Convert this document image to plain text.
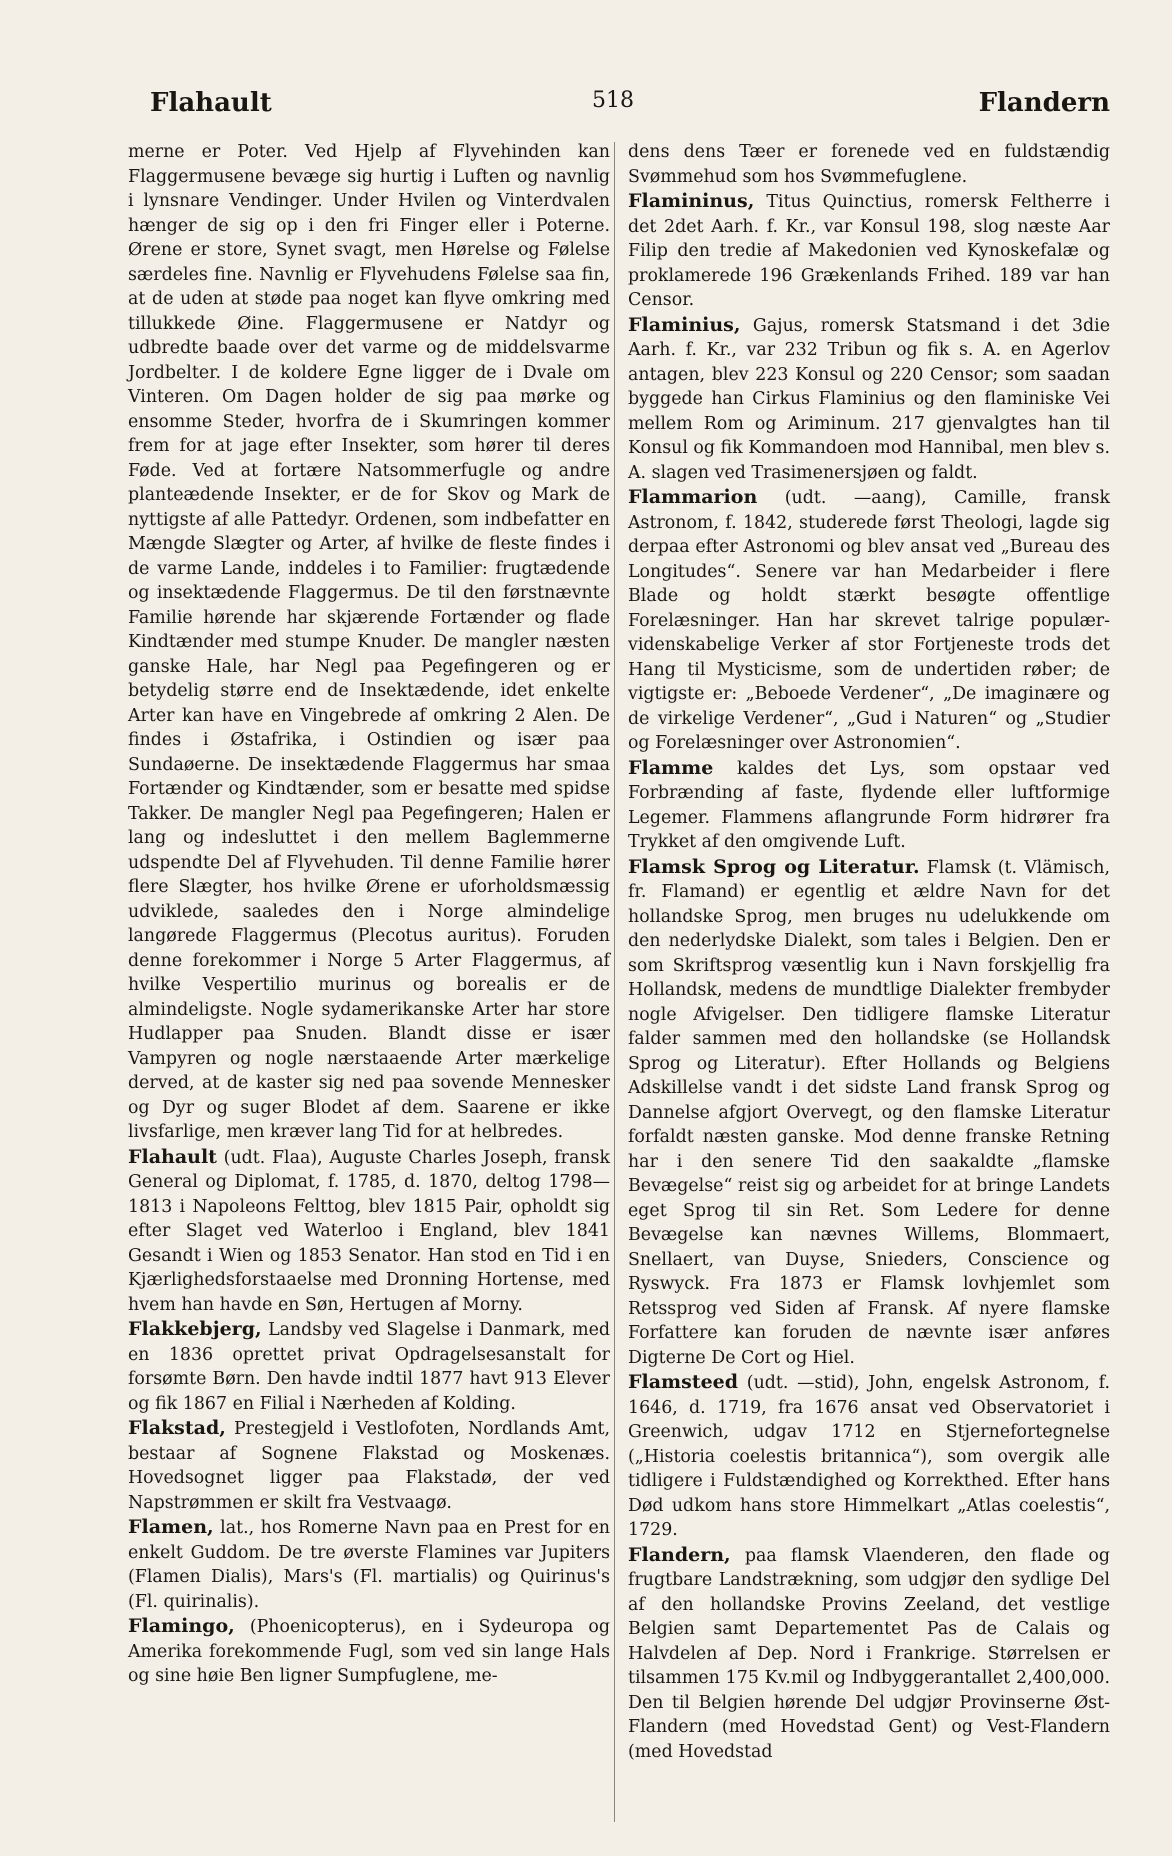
Flahault	518	Flandern

merne er Poter. Ved Hjelp af Flyvehinden kan Flaggermusene bevæge sig hurtig i Luften og navnlig i lynsnare Vendinger. Under Hvilen og Vinterdvalen hænger de sig op i den fri Finger eller i Poterne. Ørene er store, Synet svagt, men Hørelse og Følelse særdeles fine. Navnlig er Flyvehudens Følelse saa fin, at de uden at støde paa noget kan flyve omkring med tillukkede Øine. Flaggermusene er Natdyr og udbredte baade over det varme og de middelsvarme Jordbelter. I de koldere Egne ligger de i Dvale om Vinteren. Om Dagen holder de sig paa mørke og ensomme Steder, hvorfra de i Skumringen kommer frem for at jage efter Insekter, som hører til deres Føde. Ved at fortære Natsommerfugle og andre planteædende Insekter, er de for Skov og Mark de nyttigste af alle Pattedyr. Ordenen, som indbefatter en Mængde Slægter og Arter, af hvilke de fleste findes i de varme Lande, inddeles i to Familier: frugtædende og insektædende Flaggermus. De til den førstnævnte Familie hørende har skjærende Fortænder og flade Kindtænder med stumpe Knuder. De mangler næsten ganske Hale, har Negl paa Pegefingeren og er betydelig større end de Insektædende, idet enkelte Arter kan have en Vingebrede af omkring 2 Alen. De findes i Østafrika, i Ostindien og især paa Sundaøerne. De insektædende Flaggermus har smaa Fortænder og Kindtænder, som er besatte med spidse Takker. De mangler Negl paa Pegefingeren; Halen er lang og indesluttet i den mellem Baglemmerne udspendte Del af Flyvehuden. Til denne Familie hører flere Slægter, hos hvilke Ørene er uforholdsmæssig udviklede, saaledes den i Norge almindelige langørede Flaggermus (Plecotus auritus). Foruden denne forekommer i Norge 5 Arter Flaggermus, af hvilke Vespertilio murinus og borealis er de almindeligste. Nogle sydamerikanske Arter har store Hudlapper paa Snuden. Blandt disse er især Vampyren og nogle nærstaaende Arter mærkelige derved, at de kaster sig ned paa sovende Mennesker og Dyr og suger Blodet af dem. Saarene er ikke livsfarlige, men kræver lang Tid for at helbredes.

Flahault (udt. Flaa), Auguste Charles Joseph, fransk General og Diplomat, f. 1785, d. 1870, deltog 1798—1813 i Napoleons Felttog, blev 1815 Pair, opholdt sig efter Slaget ved Waterloo i England, blev 1841 Gesandt i Wien og 1853 Senator. Han stod en Tid i en Kjærlighedsforstaaelse med Dronning Hortense, med hvem han havde en Søn, Hertugen af Morny.

Flakkebjerg, Landsby ved Slagelse i Danmark, med en 1836 oprettet privat Opdragelsesanstalt for forsømte Børn. Den havde indtil 1877 havt 913 Elever og fik 1867 en Filial i Nærheden af Kolding.

Flakstad, Prestegjeld i Vestlofoten, Nordlands Amt, bestaar af Sognene Flakstad og Moskenæs. Hovedsognet ligger paa Flakstadø, der ved Napstrømmen er skilt fra Vestvaagø.

Flamen, lat., hos Romerne Navn paa en Prest for en enkelt Guddom. De tre øverste Flamines var Jupiters (Flamen Dialis), Mars's (Fl. martialis) og Quirinus's (Fl. quirinalis).

Flamingo, (Phoenicopterus), en i Sydeuropa og Amerika forekommende Fugl, som ved sin lange Hals og sine høie Ben ligner Sumpfuglene, me-

dens dens Tæer er forenede ved en fuldstændig Svømmehud som hos Svømmefuglene.

Flamininus, Titus Quinctius, romersk Feltherre i det 2det Aarh. f. Kr., var Konsul 198, slog næste Aar Filip den tredie af Makedonien ved Kynoskefalæ og proklamerede 196 Grækenlands Frihed. 189 var han Censor.

Flaminius, Gajus, romersk Statsmand i det 3die Aarh. f. Kr., var 232 Tribun og fik s. A. en Agerlov antagen, blev 223 Konsul og 220 Censor; som saadan byggede han Cirkus Flaminius og den flaminiske Vei mellem Rom og Ariminum. 217 gjenvalgtes han til Konsul og fik Kommandoen mod Hannibal, men blev s. A. slagen ved Trasimenersjøen og faldt.

Flammarion (udt. —aang), Camille, fransk Astronom, f. 1842, studerede først Theologi, lagde sig derpaa efter Astronomi og blev ansat ved „Bureau des Longitudes“. Senere var han Medarbeider i flere Blade og holdt stærkt besøgte offentlige Forelæsninger. Han har skrevet talrige populær-videnskabelige Verker af stor Fortjeneste trods det Hang til Mysticisme, som de undertiden røber; de vigtigste er: „Beboede Verdener“, „De imaginære og de virkelige Verdener“, „Gud i Naturen“ og „Studier og Forelæsninger over Astronomien“.

Flamme kaldes det Lys, som opstaar ved Forbrænding af faste, flydende eller luftformige Legemer. Flammens aflangrunde Form hidrører fra Trykket af den omgivende Luft.

Flamsk Sprog og Literatur. Flamsk (t. Vlämisch, fr. Flamand) er egentlig et ældre Navn for det hollandske Sprog, men bruges nu udelukkende om den nederlydske Dialekt, som tales i Belgien. Den er som Skriftsprog væsentlig kun i Navn forskjellig fra Hollandsk, medens de mundtlige Dialekter frembyder nogle Afvigelser. Den tidligere flamske Literatur falder sammen med den hollandske (se Hollandsk Sprog og Literatur). Efter Hollands og Belgiens Adskillelse vandt i det sidste Land fransk Sprog og Dannelse afgjort Overvegt, og den flamske Literatur forfaldt næsten ganske. Mod denne franske Retning har i den senere Tid den saakaldte „flamske Bevægelse“ reist sig og arbeidet for at bringe Landets eget Sprog til sin Ret. Som Ledere for denne Bevægelse kan nævnes Willems, Blommaert, Snellaert, van Duyse, Snieders, Conscience og Ryswyck. Fra 1873 er Flamsk lovhjemlet som Retssprog ved Siden af Fransk. Af nyere flamske Forfattere kan foruden de nævnte især anføres Digterne De Cort og Hiel.

Flamsteed (udt. —stid), John, engelsk Astronom, f. 1646, d. 1719, fra 1676 ansat ved Observatoriet i Greenwich, udgav 1712 en Stjernefortegnelse („Historia coelestis britannica“), som overgik alle tidligere i Fuldstændighed og Korrekthed. Efter hans Død udkom hans store Himmelkart „Atlas coelestis“, 1729.

Flandern, paa flamsk Vlaenderen, den flade og frugtbare Landstrækning, som udgjør den sydlige Del af den hollandske Provins Zeeland, det vestlige Belgien samt Departementet Pas de Calais og Halvdelen af Dep. Nord i Frankrige. Størrelsen er tilsammen 175 Kv.mil og Indbyggerantallet 2,400,000. Den til Belgien hørende Del udgjør Provinserne Øst-Flandern (med Hovedstad Gent) og Vest-Flandern (med Hovedstad
